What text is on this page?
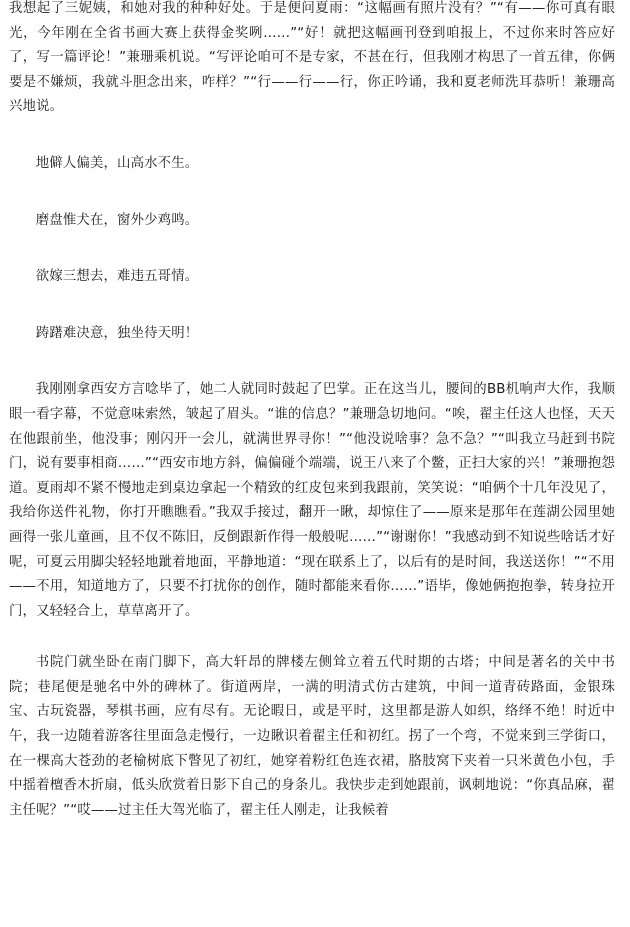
我想起了三妮姨，和她对我的种种好处。于是便问夏雨：“这幅画有照片没有？”“有——你可真有眼光，今年刚在全省书画大赛上获得金奖咧……”“好！就把这幅画刊登到咱报上，不过你来时答应好了，写一篇评论！”兼珊乘机说。“写评论咱可不是专家，不甚在行，但我刚才构思了一首五律，你俩要是不嫌烦，我就斗胆念出来，咋样？”“行——行——行，你正吟诵，我和夏老师洗耳恭听！兼珊高兴地说。

地僻人偏美，山高水不生。

磨盘惟犬在，窗外少鸡鸣。

欲嫁三想去，难违五哥情。

踌躇难决意，独坐待天明！

我刚刚拿西安方言唸毕了，她二人就同时鼓起了巴掌。正在这当儿，腰间的BB机响声大作，我顺眼一看字幕，不觉意味索然，皱起了眉头。“谁的信息？”兼珊急切地问。“唉，翟主任这人也怪，天天在他跟前坐，他没事；刚闪开一会儿，就满世界寻你！”“他没说啥事？急不急？”“叫我立马赶到书院门，说有要事相商……”“西安市地方斜，偏偏碰个端端，说王八来了个鳖，正扫大家的兴！”兼珊抱怨道。夏雨却不紧不慢地走到桌边拿起一个精致的红皮包来到我跟前，笑笑说：“咱俩个十几年没见了，我给你送件礼物，你打开瞧瞧看。”我双手接过，翻开一瞅，却惊住了——原来是那年在莲湖公园里她画得一张儿童画，且不仅不陈旧，反倒跟新作得一般般呢……”“谢谢你！”我感动到不知说些啥话才好呢，可夏云用脚尖轻轻地跐着地面，平静地道：“现在联系上了，以后有的是时间，我送送你！”“不用——不用，知道地方了，只要不打扰你的创作，随时都能来看你……”语毕，像她俩抱抱拳，转身拉开门，又轻轻合上，草草离开了。

书院门就坐卧在南门脚下，高大轩昂的牌楼左侧耸立着五代时期的古塔；中间是著名的关中书院；巷尾便是驰名中外的碑林了。街道两岸，一满的明清式仿古建筑，中间一道青砖路面，金银珠宝、古玩瓷器，琴棋书画，应有尽有。无论暇日，或是平时，这里都是游人如织，络绎不绝！时近中午，我一边随着游客往里面急走慢行，一边瞅识着翟主任和初红。拐了一个弯，不觉来到三学街口，在一棵高大苍劲的老榆树底下瞥见了初红，她穿着粉红色连衣裙，胳肢窝下夹着一只米黄色小包，手中摇着檀香木折扇，低头欣赏着日影下自己的身条儿。我快步走到她跟前，讽刺地说：“你真品麻，翟主任呢？”“哎——过主任大驾光临了，翟主任人刚走，让我候着
